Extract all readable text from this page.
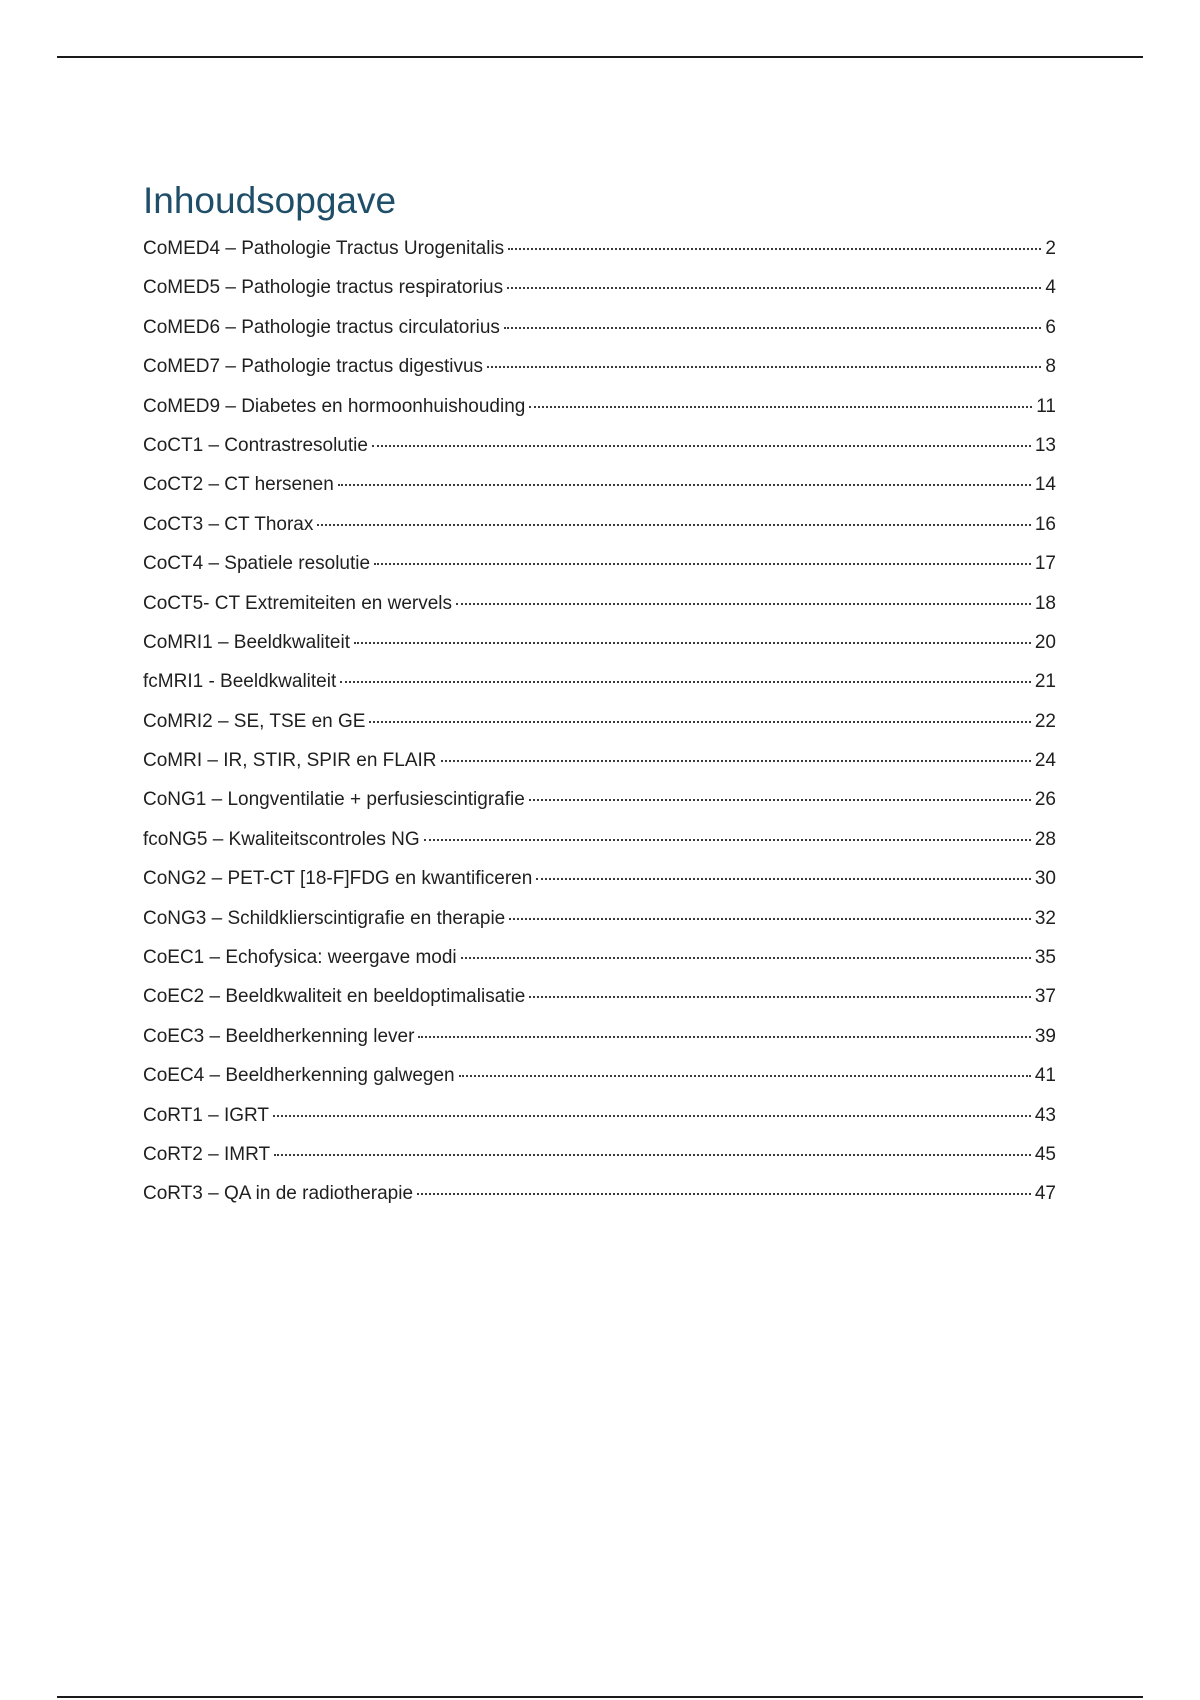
Inhoudsopgave
CoMED4 – Pathologie Tractus Urogenitalis	2
CoMED5 – Pathologie tractus respiratorius	4
CoMED6 – Pathologie tractus circulatorius	6
CoMED7 – Pathologie tractus digestivus	8
CoMED9 – Diabetes en hormoonhuishouding	11
CoCT1 – Contrastresolutie	13
CoCT2 – CT hersenen	14
CoCT3 – CT Thorax	16
CoCT4 – Spatiele resolutie	17
CoCT5- CT Extremiteiten en wervels	18
CoMRI1 – Beeldkwaliteit	20
fcMRI1 - Beeldkwaliteit	21
CoMRI2 – SE, TSE en GE	22
CoMRI – IR, STIR, SPIR en FLAIR	24
CoNG1 – Longventilatie + perfusiescintigrafie	26
fcoNG5 – Kwaliteitscontroles NG	28
CoNG2 – PET-CT [18-F]FDG en kwantificeren	30
CoNG3 – Schildklierscintigrafie en therapie	32
CoEC1 – Echofysica: weergave modi	35
CoEC2 – Beeldkwaliteit en beeldoptimalisatie	37
CoEC3 – Beeldherkenning lever	39
CoEC4 – Beeldherkenning galwegen	41
CoRT1 – IGRT	43
CoRT2 – IMRT	45
CoRT3 – QA in de radiotherapie	47
